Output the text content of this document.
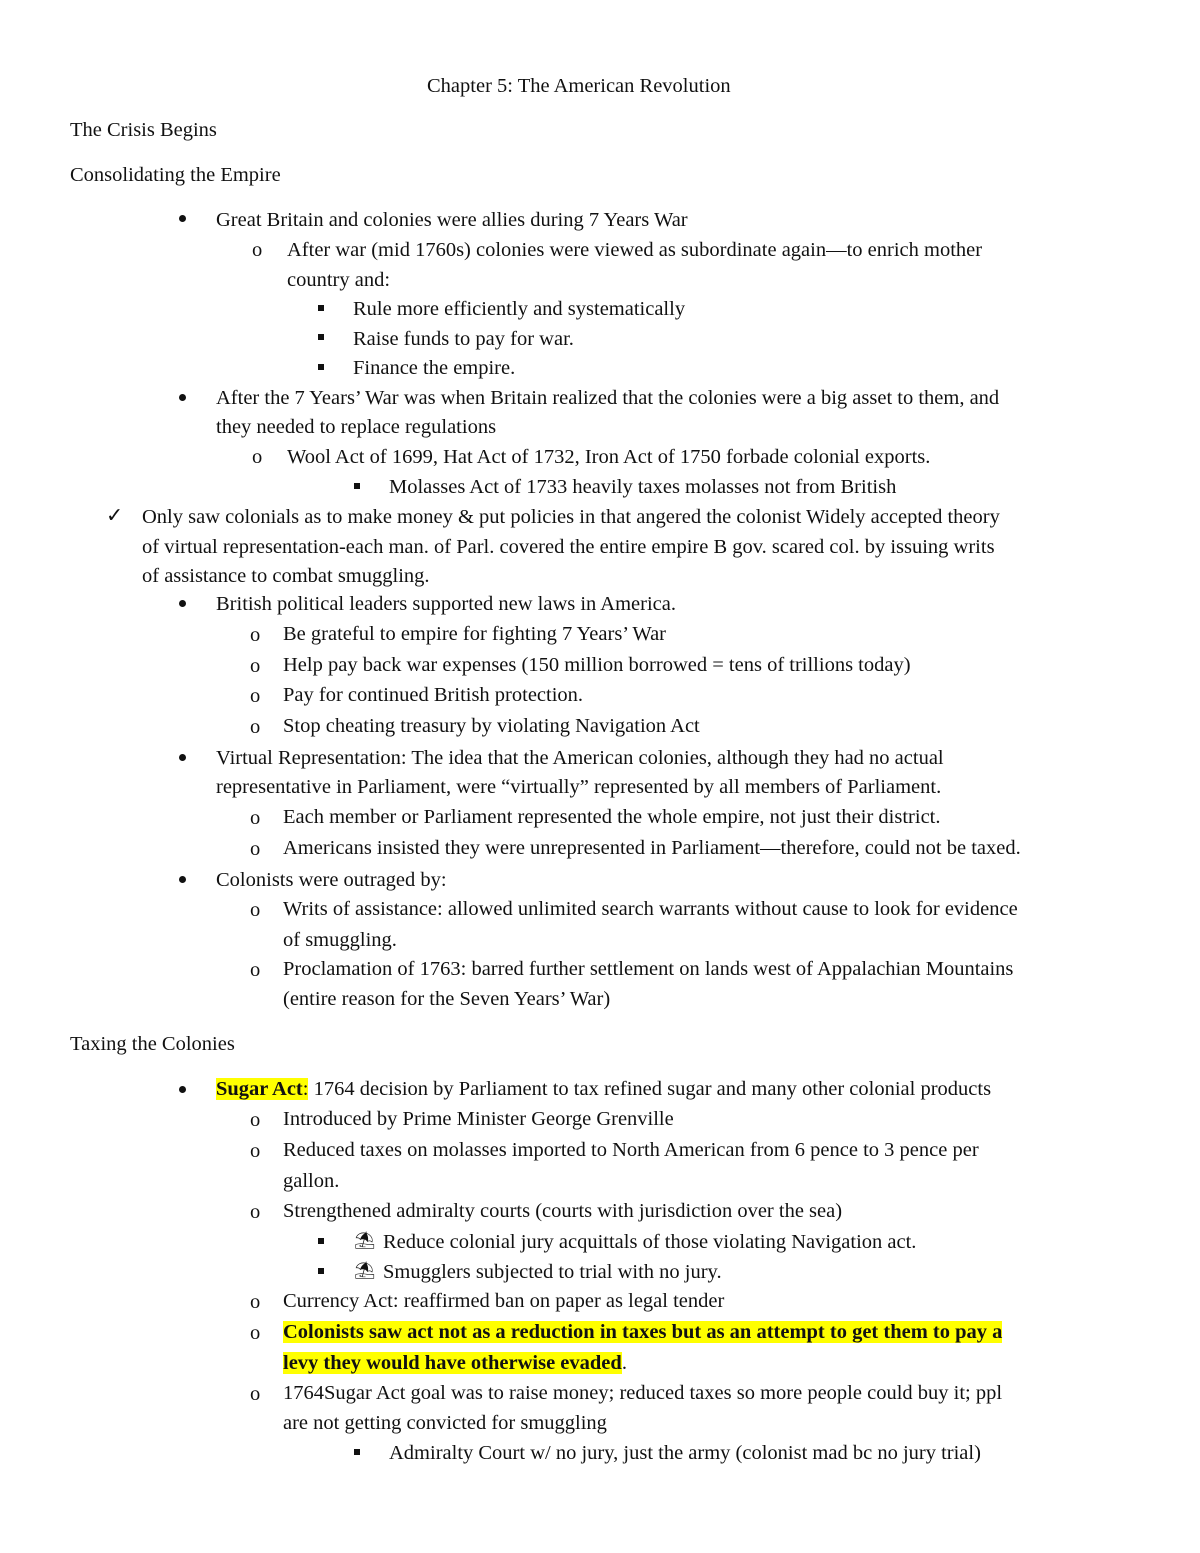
Chapter 5: The American Revolution
The Crisis Begins
Consolidating the Empire
Great Britain and colonies were allies during 7 Years War
o After war (mid 1760s) colonies were viewed as subordinate again—to enrich mother
country and:
Rule more efficiently and systematically
Raise funds to pay for war.
Finance the empire.
After the 7 Years’ War was when Britain realized that the colonies were a big asset to them, and
they needed to replace regulations
o Wool Act of 1699, Hat Act of 1732, Iron Act of 1750 forbade colonial exports.
Molasses Act of 1733 heavily taxes molasses not from British
✓ Only saw colonials as to make money & put policies in that angered the colonist Widely accepted theory
of virtual representation-each man. of Parl. covered the entire empire B gov. scared col. by issuing writs
of assistance to combat smuggling.
British political leaders supported new laws in America.
o Be grateful to empire for fighting 7 Years’ War
o Help pay back war expenses (150 million borrowed = tens of trillions today)
o Pay for continued British protection.
o Stop cheating treasury by violating Navigation Act
Virtual Representation: The idea that the American colonies, although they had no actual
representative in Parliament, were “virtually” represented by all members of Parliament.
o Each member or Parliament represented the whole empire, not just their district.
o Americans insisted they were unrepresented in Parliament—therefore, could not be taxed.
Colonists were outraged by:
o Writs of assistance: allowed unlimited search warrants without cause to look for evidence
of smuggling.
o Proclamation of 1763: barred further settlement on lands west of Appalachian Mountains
(entire reason for the Seven Years’ War)
Taxing the Colonies
Sugar Act: 1764 decision by Parliament to tax refined sugar and many other colonial products
o Introduced by Prime Minister George Grenville
o Reduced taxes on molasses imported to North American from 6 pence to 3 pence per
gallon.
o Strengthened admiralty courts (courts with jurisdiction over the sea)
⛱ Reduce colonial jury acquittals of those violating Navigation act.
⛱ Smugglers subjected to trial with no jury.
o Currency Act: reaffirmed ban on paper as legal tender
o Colonists saw act not as a reduction in taxes but as an attempt to get them to pay a
levy they would have otherwise evaded.
o 1764Sugar Act goal was to raise money; reduced taxes so more people could buy it; ppl
are not getting convicted for smuggling
Admiralty Court w/ no jury, just the army (colonist mad bc no jury trial)
